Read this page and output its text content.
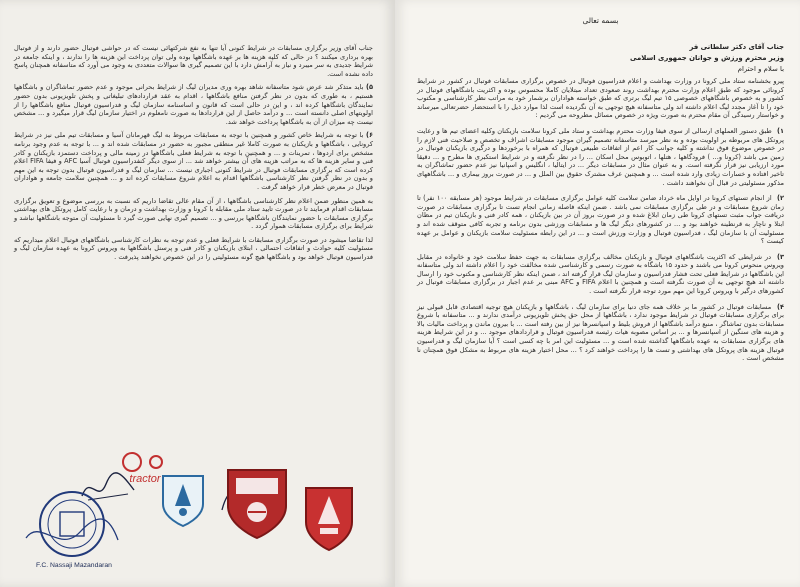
جناب آقای وزیر برگزاری مسابقات در شرایط کنونی آیا تنها به نفع شرکتهائی نیست که در حواشی فوتبال حضور دارند و از فوتبال بهره برداری میکنند ؟ در حالی که کلیه هزینه ها بر عهده باشگاهها بوده ولی توان پرداخت این هزینه ها را ندارند ، و اینکه جامعه در شرایط جدیدی به سر میبرد و نیاز به آرامش دارد با این تصمیم گیری ها سوالات متعددی به وجود می آورد که متاسفانه همچنان پاسخ داده نشده است.

۵) باید متذکر شد عرض شود متاسفانه شاهد بهره وری مدیران لیگ از شرایط بحرانی موجود و عدم حضور تماشاگران و باشگاهها هستیم ، به طوری که بدون در نظر گرفتن منافع باشگاهها ، اقدام به عقد قراردادهای تبلیغاتی و پخش تلویزیونی بدون حضور نمایندگان باشگاهها کرده اند ، و این در حالی است که قانون و اساسنامه سازمان لیگ و فدراسیون فوتبال منافع باشگاهها را از اولویتهای اصلی دانسته است ... و درآمد حاصل از این قراردادها به صورت نامعلوم در اختیار سازمان لیگ قرار میگیرد و ... مشخص نیست چه میزان از آن به باشگاهها پرداخت خواهد شد.

۶) با توجه به شرایط خاص کشور و همچنین با توجه به مسابقات مربوط به لیگ قهرمانان آسیا و مسابقات تیم ملی نیز در شرایط کرونایی ، باشگاهها و بازیکنان به صورت کاملا غیر منطقی مجبور به حضور در مسابقات شده اند و ... با توجه به عدم وجود برنامه مشخص برای اردوها ، تمرینات و ... و همچنین با توجه به شرایط فعلی باشگاهها در زمینه مالی و پرداخت دستمزد بازیکنان و کادر فنی و سایر هزینه ها که به مراتب هزینه های آن بیشتر خواهد شد ... از سوی دیگر کنفدراسیون فوتبال آسیا AFC و فیفا FIFA اعلام کرده است که برگزاری مسابقات فوتبال در شرایط کنونی اجباری نیست ... سازمان لیگ و فدراسیون فوتبال بدون توجه به این مهم و بدون در نظر گرفتن نظر کارشناسی باشگاهها اقدام به اعلام شروع مسابقات کرده اند و ... همچنین سلامت جامعه و هواداران فوتبال در معرض خطر قرار خواهد گرفت .

به همین منظور ضمن اعلام نظر کارشناسی باشگاهها ، از آن مقام عالی تقاضا داریم که نسبت به بررسی موضوع و تعویق برگزاری مسابقات اقدام فرمایند تا در صورت تایید ستاد ملی مقابله با کرونا و وزارت بهداشت و درمان و با رعایت کامل پروتکل های بهداشتی برگزاری مسابقات با حضور نمایندگان باشگاهها بررسی و ... تصمیم گیری نهایی صورت گیرد تا مسئولیت آن متوجه باشگاهها نباشد و شرایط برای برگزاری مسابقات هموار گردد .

لذا تقاضا میشود در صورت برگزاری مسابقات با شرایط فعلی و عدم توجه به نظرات کارشناسی باشگاههای فوتبال اعلام میداریم که مسئولیت کلیه حوادث و اتفاقات احتمالی ، ابتلای بازیکنان و کادر فنی و پرسنل باشگاهها به ویروس کرونا به عهده سازمان لیگ و فدراسیون فوتبال خواهد بود و باشگاهها هیچ گونه مسئولیتی را در این خصوص نخواهند پذیرفت .

F.C. Nassaji Mazandaran
tractor

بسمه تعالی

جناب آقای دکتر سلطانی فر

وزیر محترم ورزش و جوانان جمهوری اسلامی

با سلام و احترام

پیرو بخشنامه ستاد ملی کرونا در وزارت بهداشت و اعلام فدراسیون فوتبال در خصوص برگزاری مسابقات فوتبال در کشور در شرایط کرونائی موجود که طبق اعلام وزارت محترم بهداشت روند صعودی تعداد مبتلایان کاملا محسوس بوده و اکثریت باشگاههای فوتبال در کشور و به خصوص باشگاههای خصوصی ۱۵ تیم لیگ برتری که طبق خواسته هواداران برشمار خود به مراتب نظر کارشناسی و مکتوب خود را تا آغاز مجدد لیگ اعلام داشته اند ولی متاسفانه هیچ توجهی به آن نگردیده است لذا موارد ذیل را با استحضار حضرتعالی میرساند و خواستار رسیدگی آن مقام محترم به صورت ویژه در خصوص مسائل مطروحه می گردیم :

۱) طبق دستور العملهای ارسالی از سوی فیفا وزارت محترم بهداشت و ستاد ملی کرونا سلامت بازیکنان وکلیه اعضای تیم ها و رعایت پروتکل های مربوطه بر اولویت بوده و به نظر میرسد متاسفانه تصمیم گیران موجود مسابقات اشراف و تخصص و صلاحیت فنی لازم را در خصوص موضوع فوق نداشته و کلیه جوانب کار اعم از اتفاقات طبیعی فوتبال که همراه با برخوردها و درگیری بازیکنان فوتبال در زمین می باشد (کرونا و... ) فرودگاهها ، هتلها ، اتوبوس محل اسکان ... را در نظر نگرفته و در شرایط استکبری ها مطرح و ... دقیقا مورد ارزیابی نیز قرار نگرفته است. و به عنوان مثال در مسابقات دیگر ... در ایتالیا ، انگلیس و اسپانیا نیز عدم حضور تماشاگران به تاخیر افتاده و خسارات زیادی وارد شده است ... و همچنین عرف مشترک حقوق بین الملل و ... در صورت بروز بیماری و ... باشگاههای مذکور مسئولیتی در قبال آن نخواهند داشت .
۲) از انجام تستهای کرونا در اوایل ماه خرداد ضامن سلامت کلیه عوامل برگزاری مسابقات در شرایط موجود (هر مسابقه ۱۰۰ نفر) تا زمان شروع مسابقات و در طی برگزاری مسابقات نمی باشد . ضمن اینکه فاصله زمانی انجام تست تا برگزاری مسابقات در صورت دریافت جواب مثبت تستهای کرونا طی زمان ابلاغ شده و در صورت بروز آن در بین بازیکنان ، همه کادر فنی و بازیکنان تیم در مظان ابتلا و ناچار به قرنطینه خواهند بود و ... در کشورهای دیگر لیگ ها و مسابقات ورزشی بدون برنامه و تجربه کافی متوقف شده اند و مسئولیت آن با سازمان لیگ ، فدراسیون فوتبال و وزارت ورزش است و ... در این رابطه مسئولیت سلامت بازیکنان و عوامل بر عهده کیست ؟
۳) در شرایطی که اکثریت باشگاههای فوتبال و بازیکنان مخالف برگزاری مسابقات به جهت حفظ سلامت خود و خانواده در مقابل ویروس منحوس کرونا می باشند و حدود ۱۵ باشگاه به صورت رسمی و کارشناسی شده مخالفت خود را اعلام داشته اند ولی متاسفانه این باشگاهها در شرایط فعلی تحت فشار فدراسیون و سازمان لیگ قرار گرفته اند ، ضمن اینکه نظر کارشناسی و مکتوب خود را ارسال داشته اند هیچ توجهی به آن صورت نگرفته است و همچنین با اعلام FIFA و AFC مبنی بر عدم اجبار در برگزاری مسابقات فوتبال در کشورهای درگیر با ویروس کرونا این مهم مورد توجه قرار نگرفته است .
۴) مسابقات فوتبال در کشور ما بر خلاف همه جای دنیا برای سازمان لیگ ، باشگاهها و بازیکنان هیچ توجیه اقتصادی قابل قبولی نیز برای برگزاری مسابقات فوتبال در شرایط موجود ندارد ، باشگاهها از محل حق پخش تلویزیونی درآمدی ندارند و ... متاسفانه با شروع مسابقات بدون تماشاگر ، منبع درآمد باشگاهها از فروش بلیط و اسپانسرها نیز از بین رفته است ... با بیرون ماندن و پرداخت مالیات بالا و هزینه های سنگین از اسپانسرها و ... بر اساس مصوبه هیات رئیسه فدراسیون فوتبال و قراردادهای موجود ... و در این شرایط هزینه های برگزاری مسابقات به عهده باشگاهها گذاشته شده است و ... مسئولیت این امر با چه کسی است ؟ آیا سازمان لیگ و فدراسیون فوتبال هزینه های پروتکل های بهداشتی و تست ها را پرداخت خواهند کرد ؟ ... محل اختیار هزینه های مربوط به مشکل فوق همچنان نا مشخص است .
